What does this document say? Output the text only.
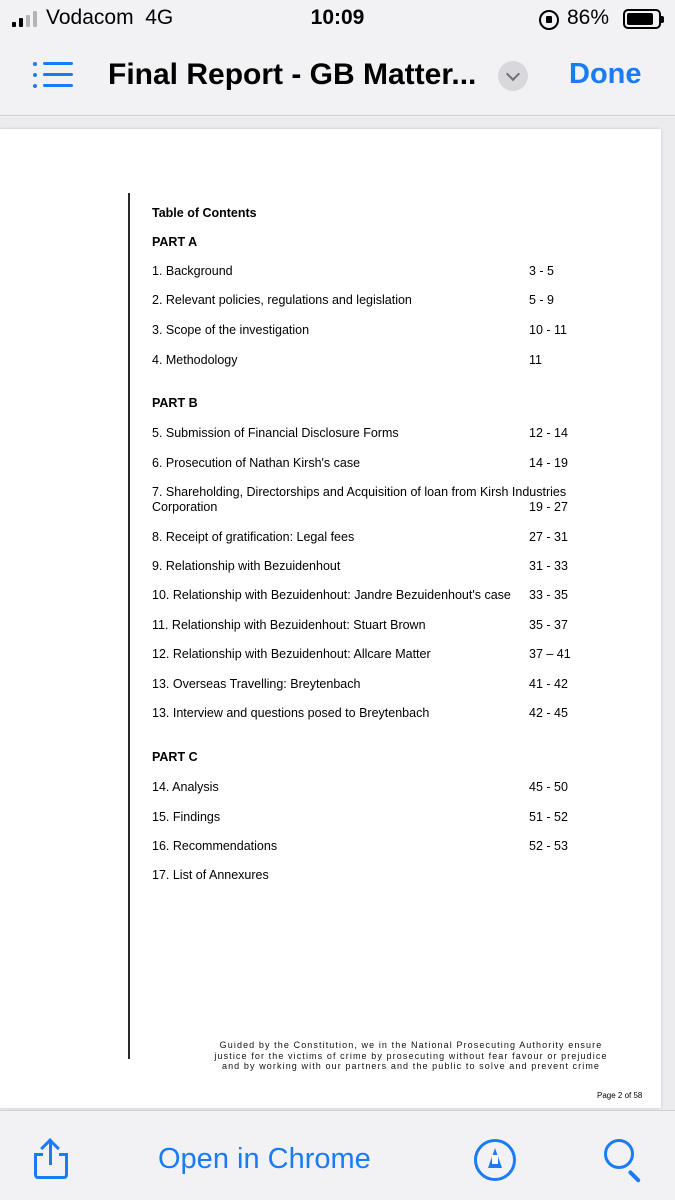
Vodacom 4G	10:09	86%
Final Report - GB Matter...	Done
Table of Contents
PART A
1. Background	3 - 5
2. Relevant policies, regulations and legislation	5 - 9
3. Scope of the investigation	10 - 11
4. Methodology	11
PART B
5. Submission of Financial Disclosure Forms	12 - 14
6. Prosecution of Nathan Kirsh's case	14 - 19
7. Shareholding, Directorships and Acquisition of loan from Kirsh Industries Corporation	19 - 27
8. Receipt of gratification: Legal fees	27 - 31
9. Relationship with Bezuidenhout	31 - 33
10. Relationship with Bezuidenhout: Jandre Bezuidenhout's case 33 - 35
11. Relationship with Bezuidenhout: Stuart Brown	35 - 37
12. Relationship with Bezuidenhout: Allcare Matter	37 – 41
13. Overseas Travelling: Breytenbach	41 - 42
13. Interview and questions posed to Breytenbach	42 - 45
PART C
14. Analysis	45 - 50
15. Findings	51 - 52
16. Recommendations	52 - 53
17. List of Annexures
Guided by the Constitution, we in the National Prosecuting Authority ensure justice for the victims of crime by prosecuting without fear favour or prejudice and by working with our partners and the public to solve and prevent crime
Page 2 of 58
Open in Chrome
